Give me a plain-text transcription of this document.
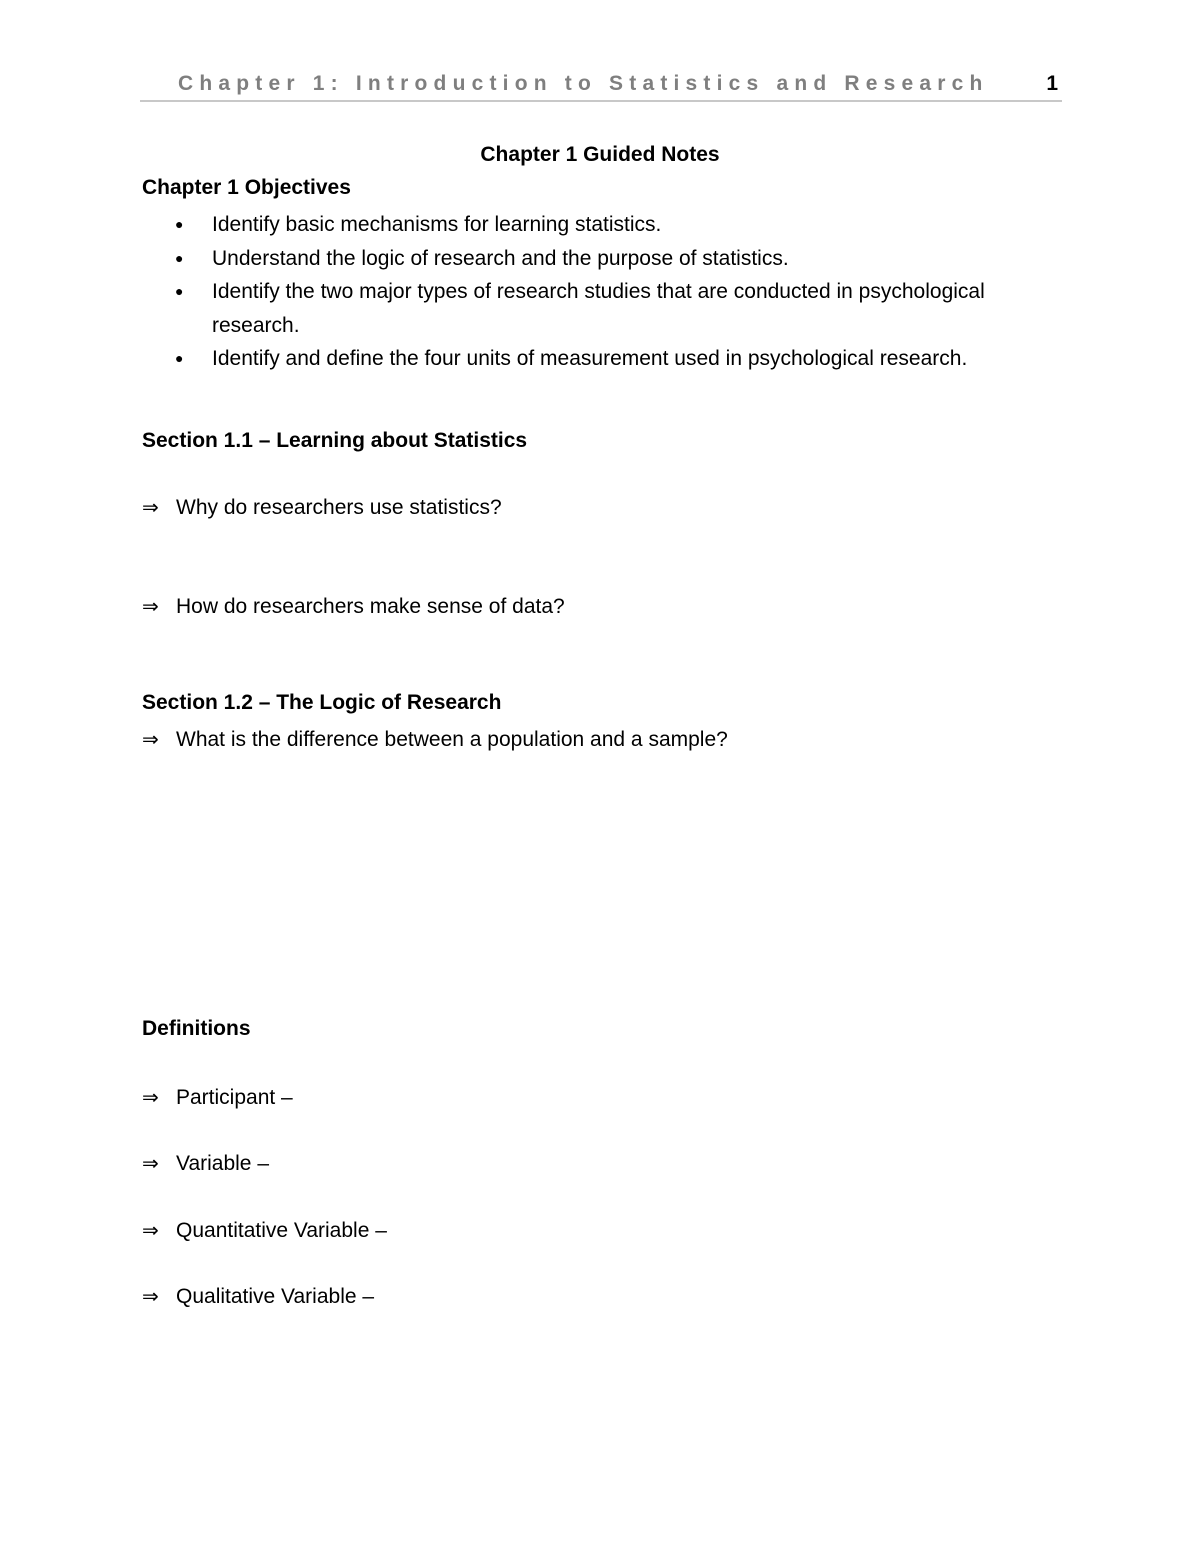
Chapter 1: Introduction to Statistics and Research	1
Chapter 1 Guided Notes
Chapter 1 Objectives
● Identify basic mechanisms for learning statistics.
● Understand the logic of research and the purpose of statistics.
● Identify the two major types of research studies that are conducted in psychological research.
● Identify and define the four units of measurement used in psychological research.
Section 1.1 – Learning about Statistics
⇒ Why do researchers use statistics?
⇒ How do researchers make sense of data?
Section 1.2 – The Logic of Research
⇒ What is the difference between a population and a sample?
Definitions
⇒ Participant –
⇒ Variable –
⇒ Quantitative Variable –
⇒ Qualitative Variable –
